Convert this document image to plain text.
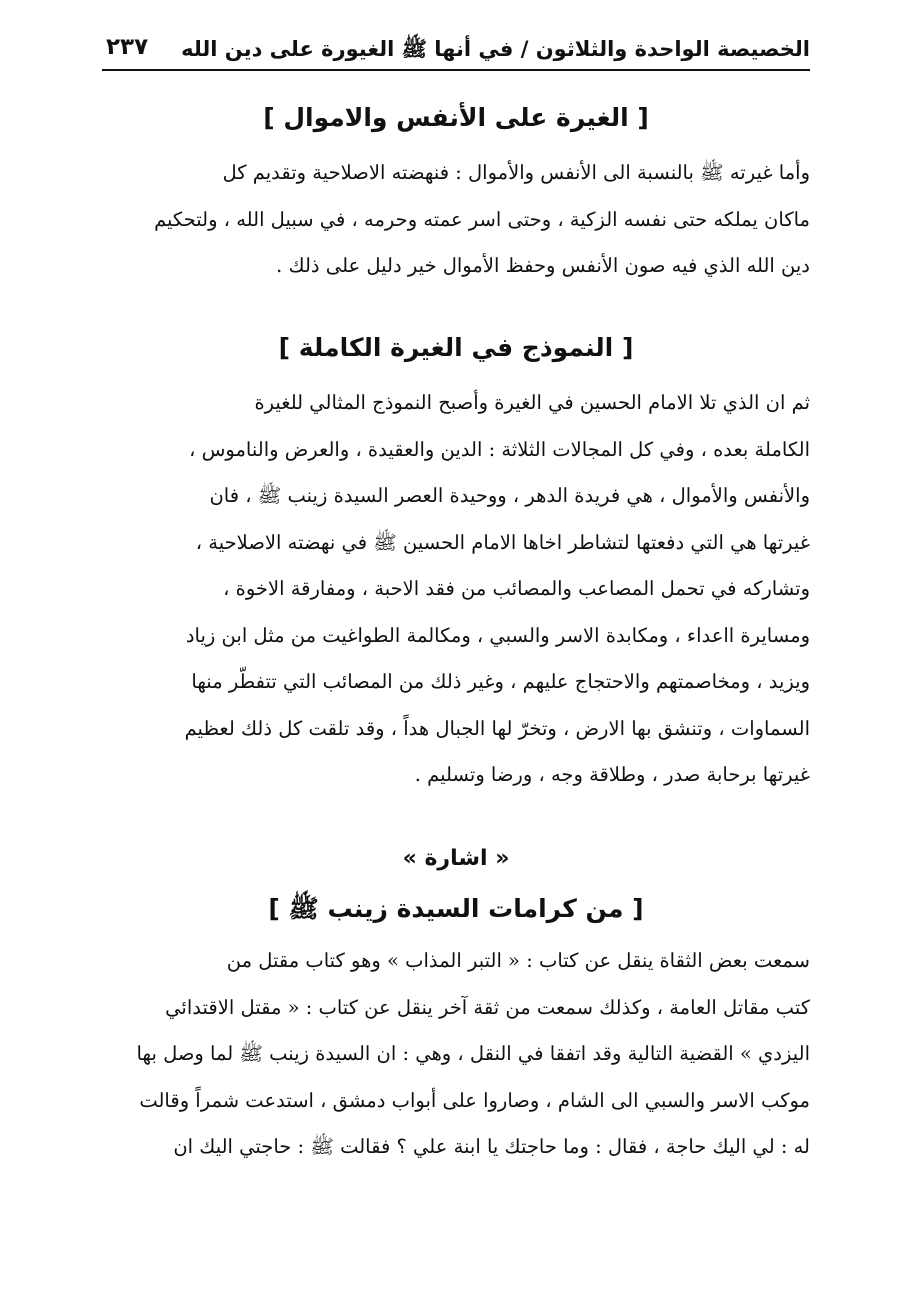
الخصيصة الواحدة والثلاثون / في أنها ﷺ الغيورة على دين الله
٢٣٧
[ الغيرة على الأنفس والاموال ]
وأما غيرته ﷺ بالنسبة الى الأنفس والأموال : فنهضته الاصلاحية وتقديم كل
ماكان يملكه حتى نفسه الزكية ، وحتى اسر عمته وحرمه ، في سبيل الله ، ولتحكيم
دين الله الذي فيه صون الأنفس وحفظ الأموال خير دليل على ذلك .
[ النموذج في الغيرة الكاملة ]
ثم ان الذي تلا الامام الحسين في الغيرة وأصبح النموذج المثالي للغيرة
الكاملة بعده ، وفي كل المجالات الثلاثة : الدين والعقيدة ، والعرض والناموس ،
والأنفس والأموال ، هي فريدة الدهر ، ووحيدة العصر السيدة زينب ﷺ ، فان
غيرتها هي التي دفعتها لتشاطر اخاها الامام الحسين ﷺ في نهضته الاصلاحية ،
وتشاركه في تحمل المصاعب والمصائب من فقد الاحبة ، ومفارقة الاخوة ،
ومسايرة ااعداء ، ومكابدة الاسر والسبي ، ومكالمة الطواغيت من مثل ابن زياد
ويزيد ، ومخاصمتهم والاحتجاج عليهم ، وغير ذلك من المصائب التي تتفطّر منها
السماوات ، وتنشق بها الارض ، وتخرّ لها الجبال هداً ، وقد تلقت كل ذلك لعظيم
غيرتها برحابة صدر ، وطلاقة وجه ، ورضا وتسليم .
« اشارة »
[ من كرامات السيدة زينب ﷺ ]
سمعت بعض الثقاة ينقل عن كتاب : « التبر المذاب » وهو كتاب مقتل من
كتب مقاتل العامة ، وكذلك سمعت من ثقة آخر ينقل عن كتاب : « مقتل الاقتدائي
اليزدي » القضية التالية وقد اتفقا في النقل ، وهي : ان السيدة زينب ﷺ لما وصل بها
موكب الاسر والسبي الى الشام ، وصاروا على أبواب دمشق ، استدعت شمراً وقالت
له : لي اليك حاجة ، فقال : وما حاجتك يا ابنة علي ؟ فقالت ﷺ : حاجتي اليك ان
